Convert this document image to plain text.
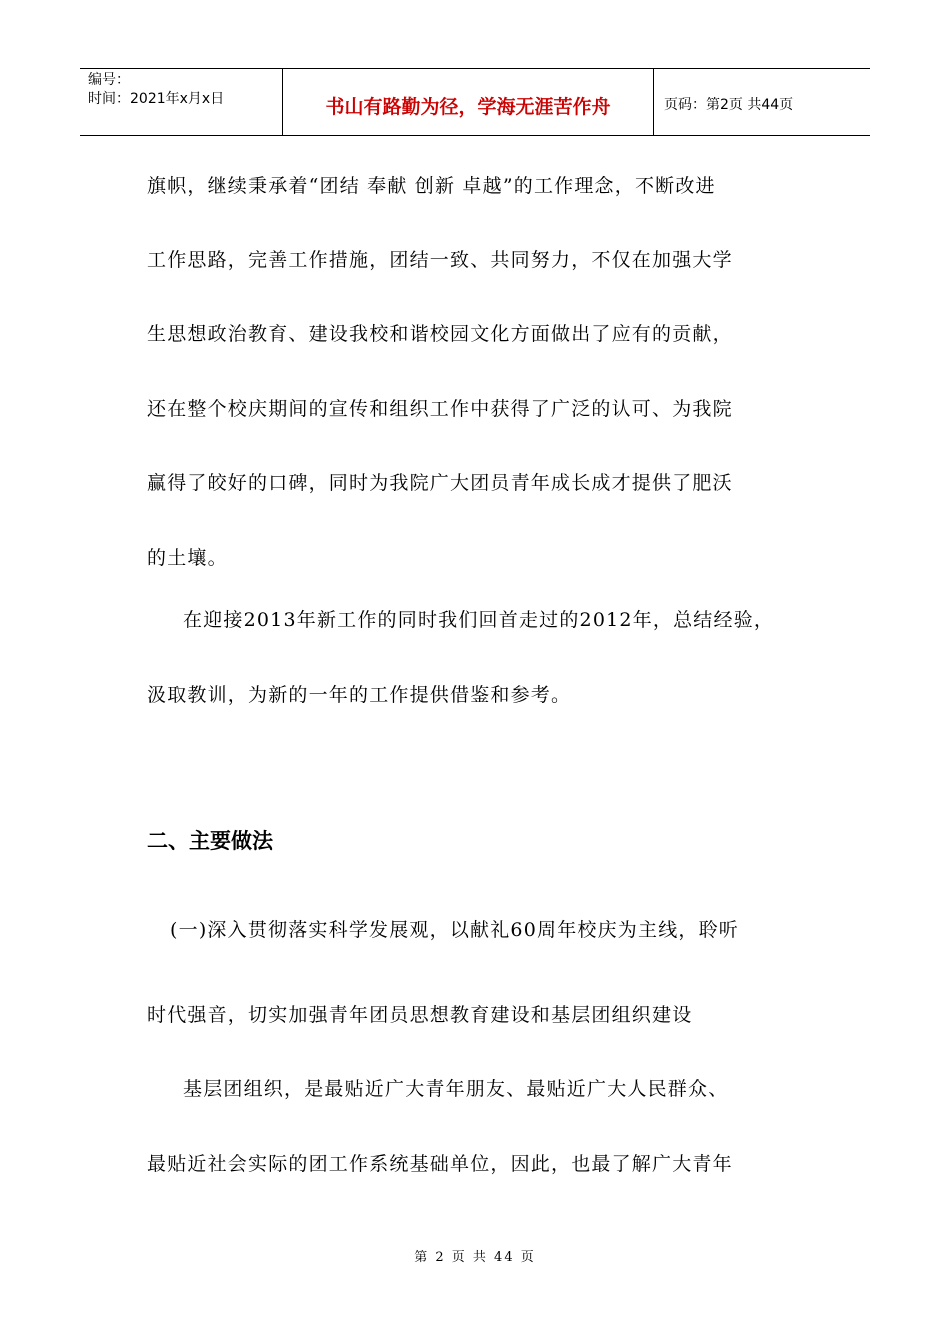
编号：
时间：2021年x月x日	书山有路勤为径，学海无涯苦作舟	页码：第2页 共44页
旗帜，继续秉承着“团结 奉献 创新 卓越”的工作理念，不断改进
工作思路，完善工作措施，团结一致、共同努力，不仅在加强大学
生思想政治教育、建设我校和谐校园文化方面做出了应有的贡献，
还在整个校庆期间的宣传和组织工作中获得了广泛的认可、为我院
赢得了皎好的口碑，同时为我院广大团员青年成长成才提供了肥沃
的土壤。
在迎接2013年新工作的同时我们回首走过的2012年，总结经验，
汲取教训，为新的一年的工作提供借鉴和参考。
二、主要做法
(一)深入贯彻落实科学发展观，以献礼60周年校庆为主线，聆听
时代强音，切实加强青年团员思想教育建设和基层团组织建设
基层团组织，是最贴近广大青年朋友、最贴近广大人民群众、
最贴近社会实际的团工作系统基础单位，因此，也最了解广大青年
第 2 页 共 44 页
